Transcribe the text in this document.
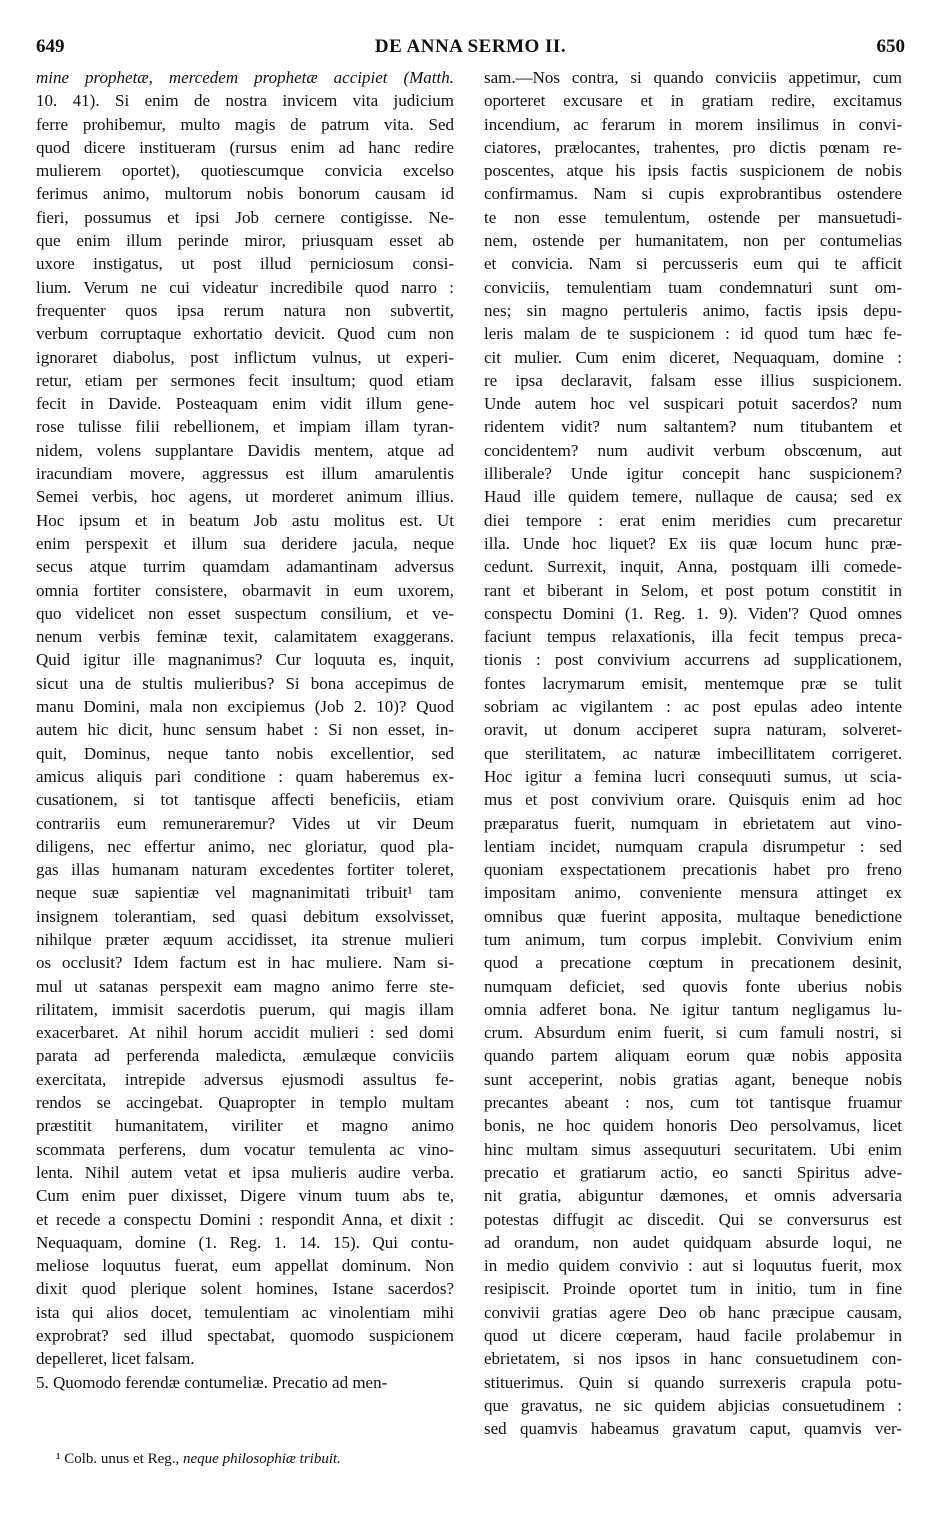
649	DE ANNA SERMO II.	650
mine prophetæ, mercedem prophetæ accipiet (Matth.
10. 41). Si enim de nostra invicem vita judicium
ferre prohibemur, multo magis de patrum vita. Sed
quod dicere institueram (rursus enim ad hanc redire
mulierem oportet), quotiescumque convicia excelso
ferimus animo, multorum nobis bonorum causam id
fieri, possumus et ipsi Job cernere contigisse. Ne-
que enim illum perinde miror, priusquam esset ab
uxore instigatus, ut post illud perniciosum consi-
lium. Verum ne cui videatur incredibile quod narro :
frequenter quos ipsa rerum natura non subvertit,
verbum corruptaque exhortatio devicit. Quod cum non
ignoraret diabolus, post inflictum vulnus, ut experi-
retur, etiam per sermones fecit insultum; quod etiam
fecit in Davide. Posteaquam enim vidit illum gene-
rose tulisse filii rebellionem, et impiam illam tyran-
nidem, volens supplantare Davidis mentem, atque ad
iracundiam movere, aggressus est illum amarulentis
Semei verbis, hoc agens, ut morderet animum illius.
Hoc ipsum et in beatum Job astu molitus est. Ut
enim perspexit et illum sua deridere jacula, neque
secus atque turrim quamdam adamantinam adversus
omnia fortiter consistere, obarmavit in eum uxorem,
quo videlicet non esset suspectum consilium, et ve-
nenum verbis feminæ texit, calamitatem exaggerans.
Quid igitur ille magnanimus? Cur loquuta es, inquit,
sicut una de stultis mulieribus? Si bona accepimus de
manu Domini, mala non excipiemus (Job 2. 10)? Quod
autem hic dicit, hunc sensum habet : Si non esset, in-
quit, Dominus, neque tanto nobis excellentior, sed
amicus aliquis pari conditione : quam haberemus ex-
cusationem, si tot tantisque affecti beneficiis, etiam
contrariis eum remuneraremur? Vides ut vir Deum
diligens, nec effertur animo, nec gloriatur, quod pla-
gas illas humanam naturam excedentes fortiter toleret,
neque suæ sapientiæ vel magnanimitati tribuit¹ tam
insignem tolerantiam, sed quasi debitum exsolvisset,
nihilque præter æquum accidisset, ita strenue mulieri
os occlusit? Idem factum est in hac muliere. Nam si-
mul ut satanas perspexit eam magno animo ferre ste-
rilitatem, immisit sacerdotis puerum, qui magis illam
exacerbaret. At nihil horum accidit mulieri : sed domi
parata ad perferenda maledicta, æmulæque conviciis
exercitata, intrepide adversus ejusmodi assultus fe-
rendos se accingebat. Quapropter in templo multam
præstitit humanitatem, viriliter et magno animo
scommata perferens, dum vocatur temulenta ac vino-
lenta. Nihil autem vetat et ipsa mulieris audire verba.
Cum enim puer dixisset, Digere vinum tuum abs te,
et recede a conspectu Domini : respondit Anna, et dixit :
Nequaquam, domine (1. Reg. 1. 14. 15). Qui contu-
meliose loquutus fuerat, eum appellat dominum. Non
dixit quod plerique solent homines, Istane sacerdos?
ista qui alios docet, temulentiam ac vinolentiam mihi
exprobrat? sed illud spectabat, quomodo suspicionem
depelleret, licet falsam.
5. Quomodo ferendæ contumeliæ. Precatio ad men-
sam.—Nos contra, si quando conviciis appetimur, cum
oporteret excusare et in gratiam redire, excitamus
incendium, ac ferarum in morem insilimus in convi-
ciatores, prælocantes, trahentes, pro dictis pœnam re-
poscentes, atque his ipsis factis suspicionem de nobis
confirmamus. Nam si cupis exprobrantibus ostendere
te non esse temulentum, ostende per mansuetudi-
nem, ostende per humanitatem, non per contumelias
et convicia. Nam si percusseris eum qui te afficit
conviciis, temulentiam tuam condemnaturi sunt om-
nes; sin magno pertuleris animo, factis ipsis depu-
leris malam de te suspicionem : id quod tum hæc fe-
cit mulier. Cum enim diceret, Nequaquam, domine :
re ipsa declaravit, falsam esse illius suspicionem.
Unde autem hoc vel suspicari potuit sacerdos? num
ridentem vidit? num saltantem? num titubantem et
concidentem? num audivit verbum obscœnum, aut
illiberale? Unde igitur concepit hanc suspicionem?
Haud ille quidem temere, nullaque de causa; sed ex
diei tempore : erat enim meridies cum precaretur
illa. Unde hoc liquet? Ex iis quæ locum hunc præ-
cedunt. Surrexit, inquit, Anna, postquam illi comede-
rant et biberant in Selom, et post potum constitit in
conspectu Domini (1. Reg. 1. 9). Viden'? Quod omnes
faciunt tempus relaxationis, illa fecit tempus preca-
tionis : post convivium accurrens ad supplicationem,
fontes lacrymarum emisit, mentemque præ se tulit
sobriam ac vigilantem : ac post epulas adeo intente
oravit, ut donum acciperet supra naturam, solveret-
que sterilitatem, ac naturæ imbecillitatem corrigeret.
Hoc igitur a femina lucri consequuti sumus, ut scia-
mus et post convivium orare. Quisquis enim ad hoc
præparatus fuerit, numquam in ebrietatem aut vino-
lentiam incidet, numquam crapula disrumpetur : sed
quoniam exspectationem precationis habet pro freno
impositam animo, conveniente mensura attinget ex
omnibus quæ fuerint apposita, multaque benedictione
tum animum, tum corpus implebit. Convivium enim
quod a precatione cœptum in precationem desinit,
numquam deficiet, sed quovis fonte uberius nobis
omnia adferet bona. Ne igitur tantum negligamus lu-
crum. Absurdum enim fuerit, si cum famuli nostri, si
quando partem aliquam eorum quæ nobis apposita
sunt acceperint, nobis gratias agant, beneque nobis
precantes abeant : nos, cum tot tantisque fruamur
bonis, ne hoc quidem honoris Deo persolvamus, licet
hinc multam simus assequuturi securitatem. Ubi enim
precatio et gratiarum actio, eo sancti Spiritus adve-
nit gratia, abiguntur dæmones, et omnis adversaria
potestas diffugit ac discedit. Qui se conversurus est
ad orandum, non audet quidquam absurde loqui, ne
in medio quidem convivio : aut si loquutus fuerit, mox
resipiscit. Proinde oportet tum in initio, tum in fine
convivii gratias agere Deo ob hanc præcipue causam,
quod ut dicere cœperam, haud facile prolabemur in
ebrietatem, si nos ipsos in hanc consuetudinem con-
stituerimus. Quin si quando surrexeris crapula potu-
que gravatus, ne sic quidem abjicias consuetudinem :
sed quamvis habeamus gravatum caput, quamvis ver-
¹ Colb. unus et Reg., neque philosophiæ tribuit.
